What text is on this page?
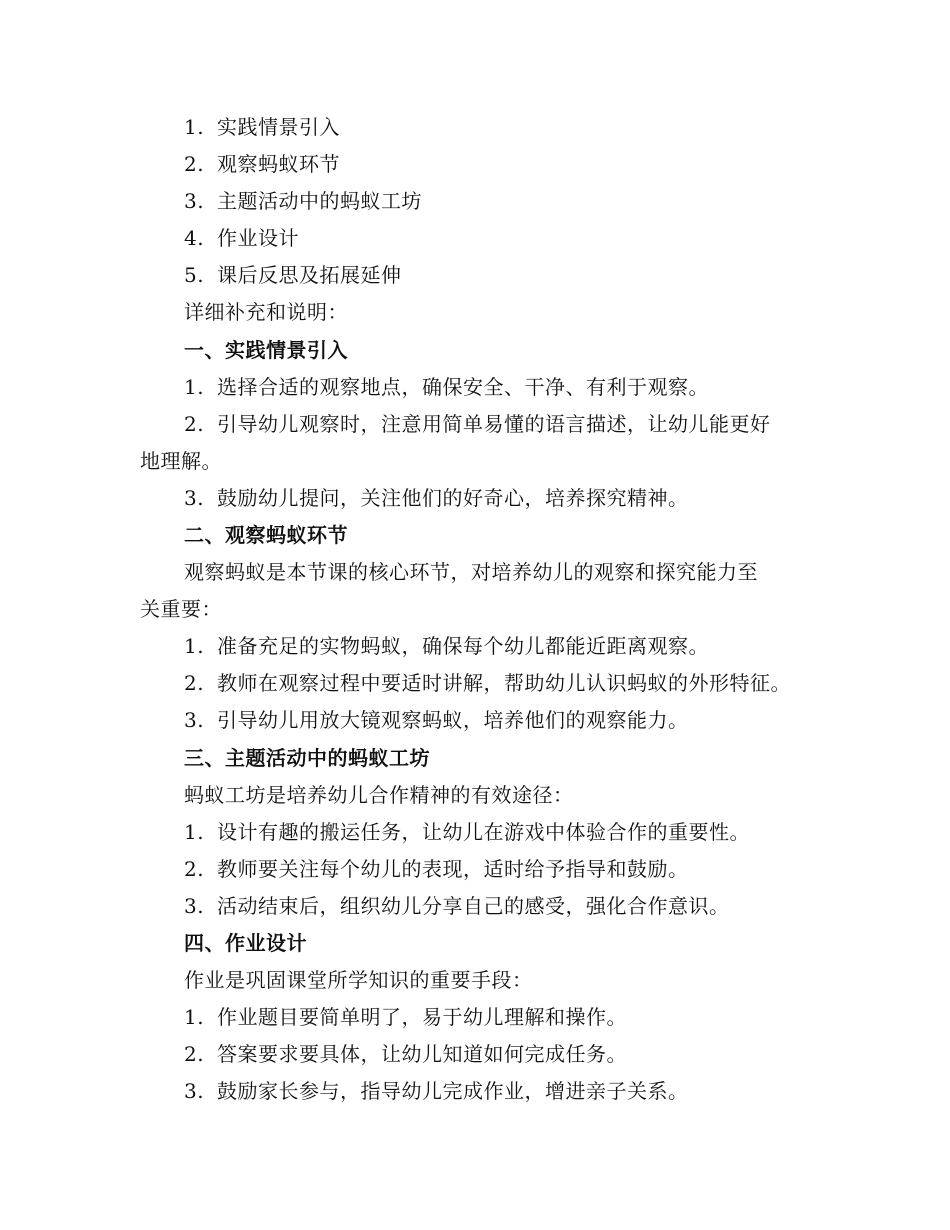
1. 实践情景引入
2. 观察蚂蚁环节
3. 主题活动中的蚂蚁工坊
4. 作业设计
5. 课后反思及拓展延伸
详细补充和说明：
一、实践情景引入
1. 选择合适的观察地点，确保安全、干净、有利于观察。
2. 引导幼儿观察时，注意用简单易懂的语言描述，让幼儿能更好
地理解。
3. 鼓励幼儿提问，关注他们的好奇心，培养探究精神。
二、观察蚂蚁环节
观察蚂蚁是本节课的核心环节，对培养幼儿的观察和探究能力至
关重要：
1. 准备充足的实物蚂蚁，确保每个幼儿都能近距离观察。
2. 教师在观察过程中要适时讲解，帮助幼儿认识蚂蚁的外形特征。
3. 引导幼儿用放大镜观察蚂蚁，培养他们的观察能力。
三、主题活动中的蚂蚁工坊
蚂蚁工坊是培养幼儿合作精神的有效途径：
1. 设计有趣的搬运任务，让幼儿在游戏中体验合作的重要性。
2. 教师要关注每个幼儿的表现，适时给予指导和鼓励。
3. 活动结束后，组织幼儿分享自己的感受，强化合作意识。
四、作业设计
作业是巩固课堂所学知识的重要手段：
1. 作业题目要简单明了，易于幼儿理解和操作。
2. 答案要求要具体，让幼儿知道如何完成任务。
3. 鼓励家长参与，指导幼儿完成作业，增进亲子关系。
